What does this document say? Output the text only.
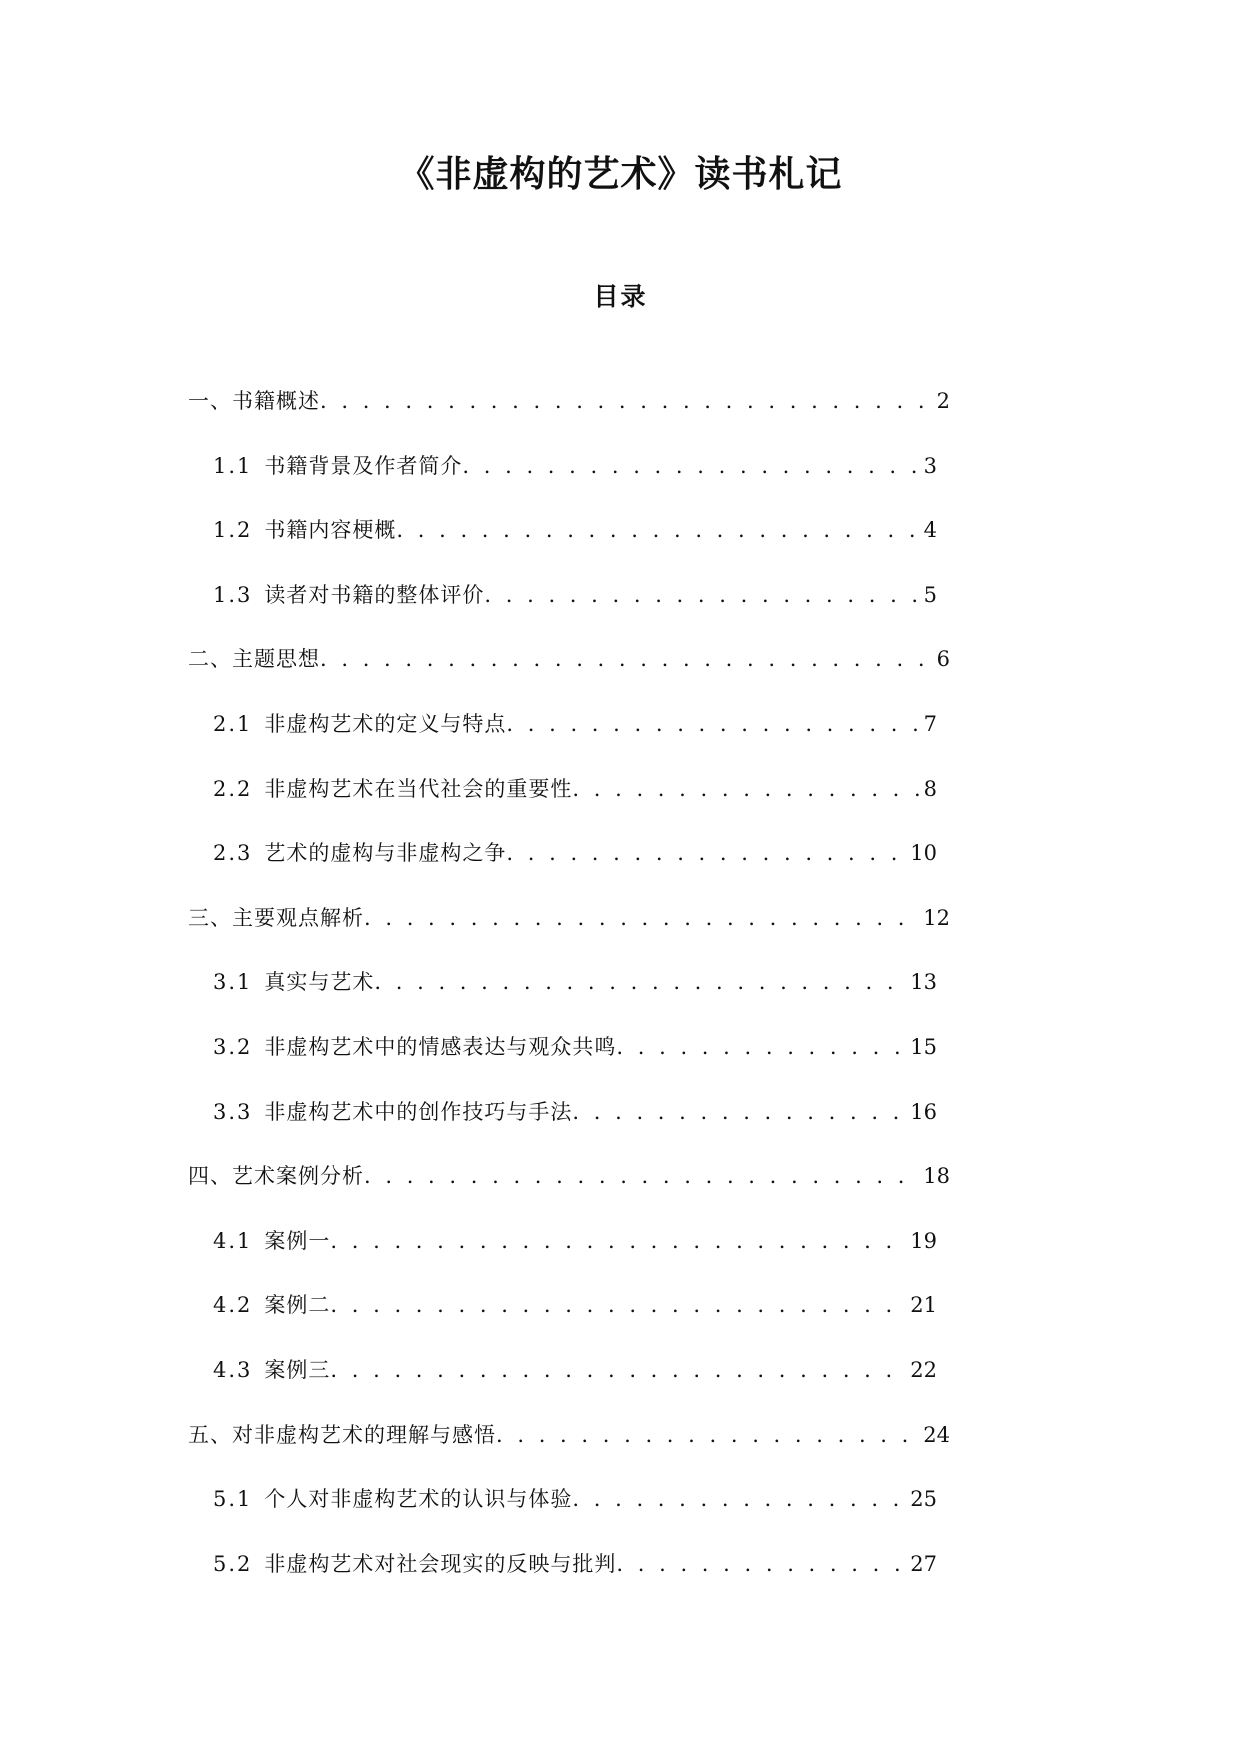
《非虚构的艺术》读书札记
目录
一、书籍概述 . . .	2
1.1 书籍背景及作者简介 . . .	3
1.2 书籍内容梗概 . . .	4
1.3 读者对书籍的整体评价 . . .	5
二、主题思想 . . .	6
2.1 非虚构艺术的定义与特点 . . .	7
2.2 非虚构艺术在当代社会的重要性 . . .	8
2.3 艺术的虚构与非虚构之争 . . .	10
三、主要观点解析 . . .	12
3.1 真实与艺术 . . .	13
3.2 非虚构艺术中的情感表达与观众共鸣 . . .	15
3.3 非虚构艺术中的创作技巧与手法 . . .	16
四、艺术案例分析 . . .	18
4.1 案例一 . . .	19
4.2 案例二 . . .	21
4.3 案例三 . . .	22
五、对非虚构艺术的理解与感悟 . . .	24
5.1 个人对非虚构艺术的认识与体验 . . .	25
5.2 非虚构艺术对社会现实的反映与批判 . . .	27
